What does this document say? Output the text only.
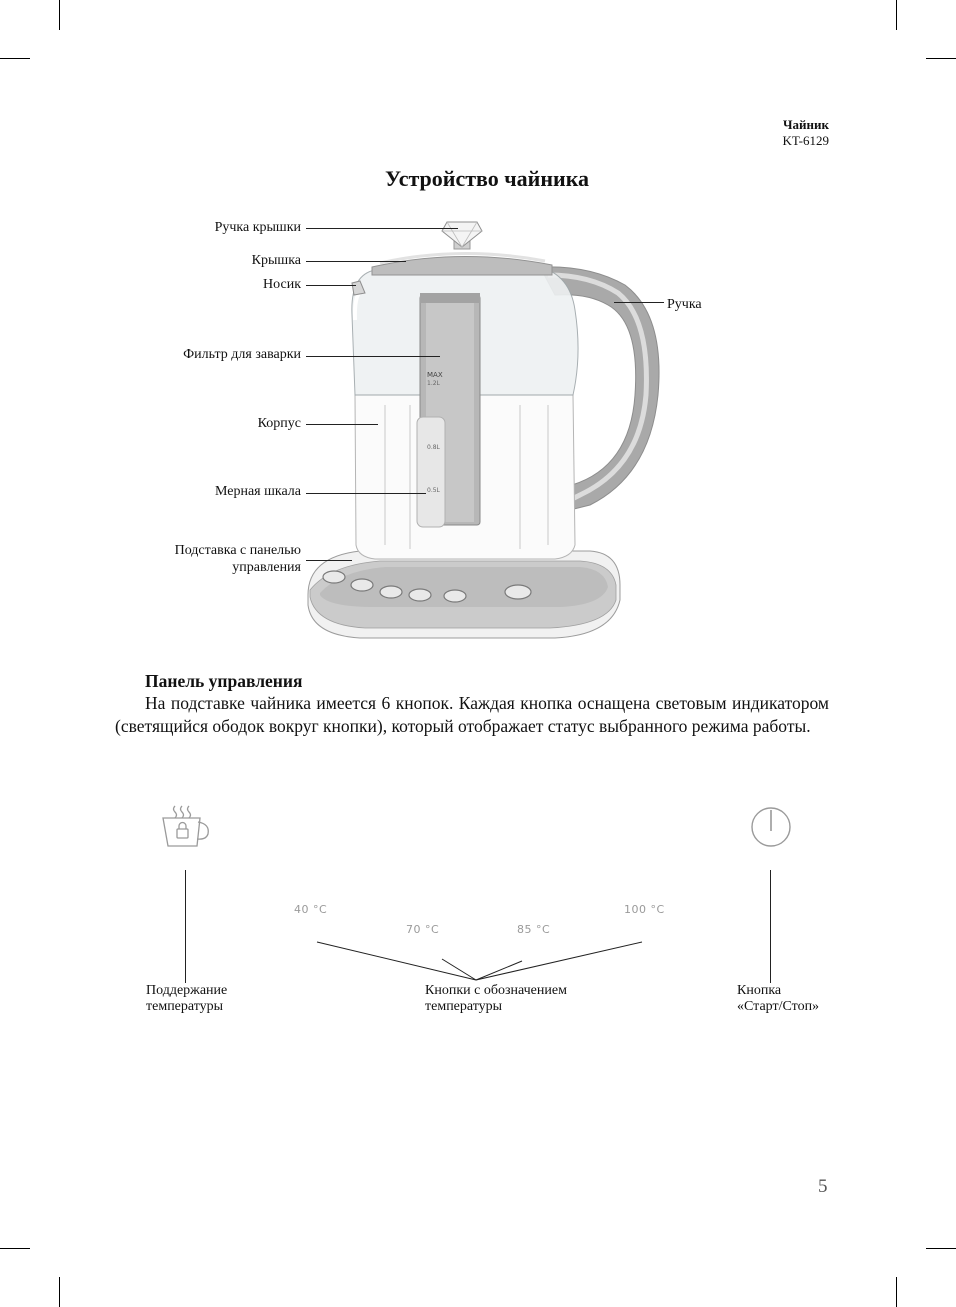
Чайник
KT-6129
Устройство чайника
MAX
1.2L
0.8L
0.5L
Ручка крышки
Крышка
Носик
Фильтр для заварки
Корпус
Мерная шкала
Подставка с панелью
управления
Ручка
Панель управления
На подставке чайника имеется 6 кнопок. Каждая кнопка оснащена световым индикатором (светящийся ободок вокруг кнопки), который отображает статус выбранного режима работы.
40 °C
70 °C	85 °C
100 °C
Поддержание
температуры
Кнопки с обозначением
температуры
Кнопка
«Старт/Стоп»
5
